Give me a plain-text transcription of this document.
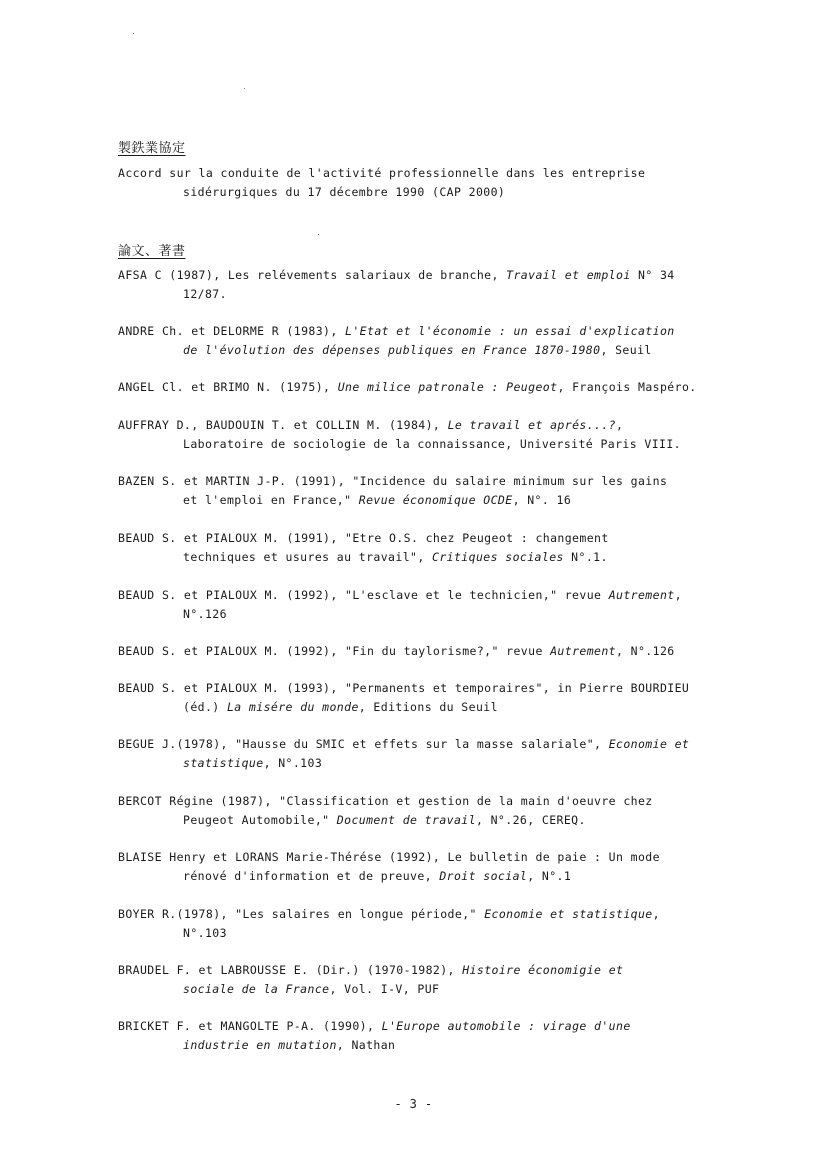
製鉄業協定
Accord sur la conduite de l'activité professionnelle dans les entreprise
sidérurgiques du 17 décembre 1990 (CAP 2000)
論文、著書
AFSA C (1987), Les relévements salariaux de branche, Travail et emploi N° 34
12/87.
ANDRE Ch. et DELORME R (1983), L'Etat et l'économie : un essai d'explication
de l'évolution des dépenses publiques en France 1870-1980, Seuil
ANGEL Cl. et BRIMO N. (1975), Une milice patronale : Peugeot, François Maspéro.
AUFFRAY D., BAUDOUIN T. et COLLIN M. (1984), Le travail et aprés...?,
Laboratoire de sociologie de la connaissance, Université Paris VIII.
BAZEN S. et MARTIN J-P. (1991), "Incidence du salaire minimum sur les gains
et l'emploi en France," Revue économique OCDE, N°. 16
BEAUD S. et PIALOUX M. (1991), "Etre O.S. chez Peugeot : changement
techniques et usures au travail", Critiques sociales N°.1.
BEAUD S. et PIALOUX M. (1992), "L'esclave et le technicien," revue Autrement,
N°.126
BEAUD S. et PIALOUX M. (1992), "Fin du taylorisme?," revue Autrement, N°.126
BEAUD S. et PIALOUX M. (1993), "Permanents et temporaires", in Pierre BOURDIEU
(éd.) La misére du monde, Editions du Seuil
BEGUE J.(1978), "Hausse du SMIC et effets sur la masse salariale", Economie et
statistique, N°.103
BERCOT Régine (1987), "Classification et gestion de la main d'oeuvre chez
Peugeot Automobile," Document de travail, N°.26, CEREQ.
BLAISE Henry et LORANS Marie-Thérése (1992), Le bulletin de paie : Un mode
rénové d'information et de preuve, Droit social, N°.1
BOYER R.(1978), "Les salaires en longue période," Economie et statistique,
N°.103
BRAUDEL F. et LABROUSSE E. (Dir.) (1970-1982), Histoire économigie et
sociale de la France, Vol. I-V, PUF
BRICKET F. et MANGOLTE P-A. (1990), L'Europe automobile : virage d'une
industrie en mutation, Nathan
- 3 -
